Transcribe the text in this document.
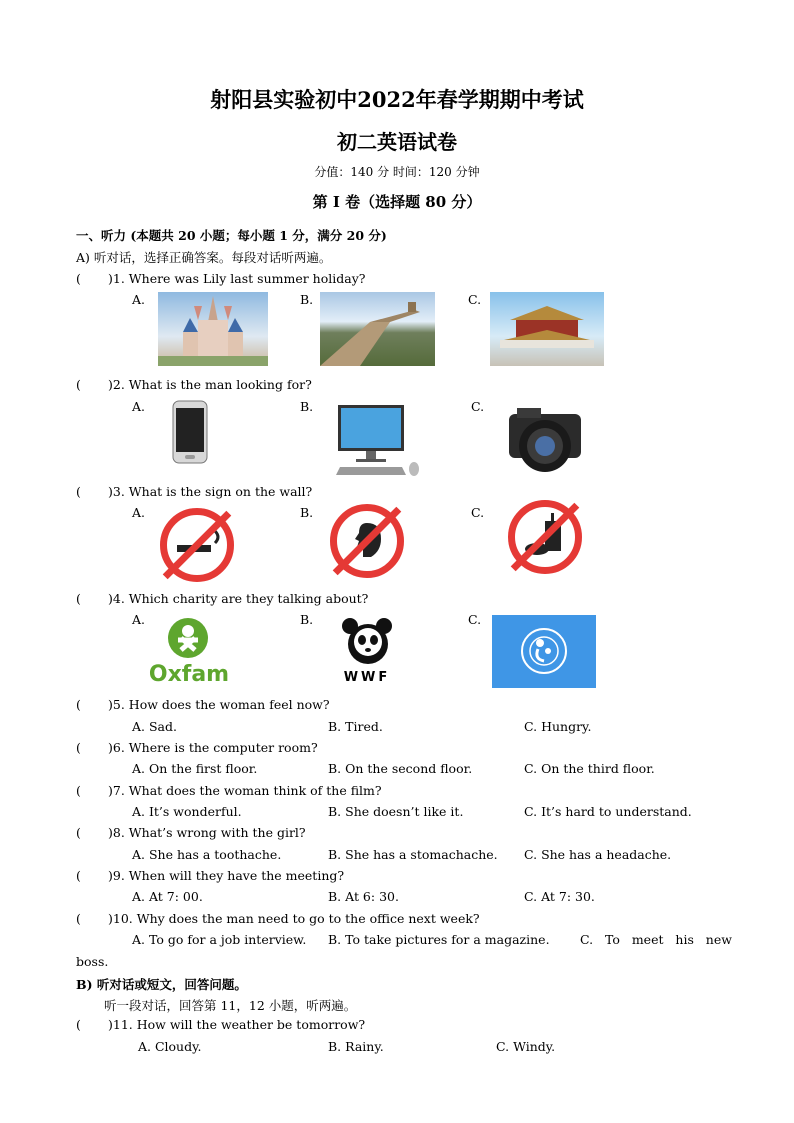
射阳县实验初中2022年春学期期中考试
初二英语试卷
分值：140 分 时间：120 分钟
第 I 卷（选择题 80 分）
一、听力 (本题共 20 小题；每小题 1 分，满分 20 分)
A) 听对话，选择正确答案。每段对话听两遍。
( )1. Where was Lily last summer holiday?
A.	B.	C.
( )2. What is the man looking for?
A.	B.	C.
( )3. What is the sign on the wall?
A.	B.	C.
( )4. Which charity are they talking about?
A.	B.	C.
Oxfam	WWF
( )5. How does the woman feel now?
A. Sad.	B. Tired.	C. Hungry.
( )6. Where is the computer room?
A. On the first floor.	B. On the second floor.	C. On the third floor.
( )7. What does the woman think of the film?
A. It’s wonderful.	B. She doesn’t like it.	C. It’s hard to understand.
( )8. What’s wrong with the girl?
A. She has a toothache.	B. She has a stomachache. C. She has a headache.
( )9. When will they have the meeting?
A. At 7: 00.	B. At 6: 30.	C. At 7: 30.
( )10. Why does the man need to go to the office next week?
A. To go for a job interview. B. To take pictures for a magazine. C.   To   meet   his   new
boss.
B) 听对话或短文，回答问题。
听一段对话，回答第 11，12 小题，听两遍。
( )11. How will the weather be tomorrow?
A. Cloudy.	B. Rainy.	C. Windy.
